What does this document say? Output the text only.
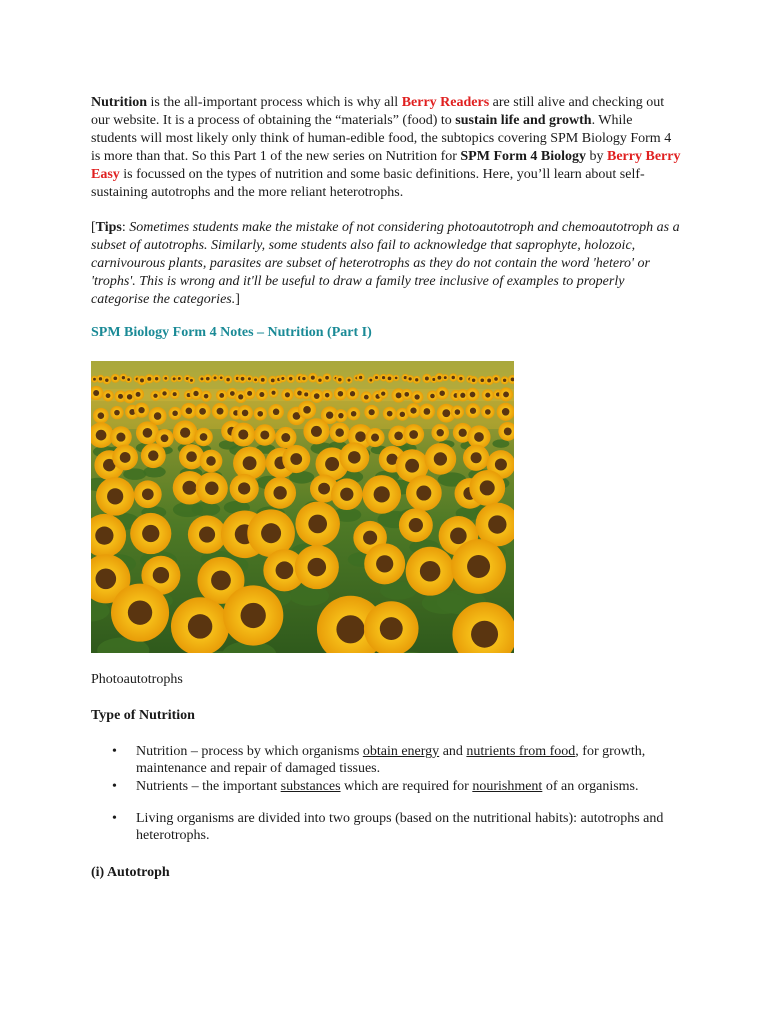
Nutrition is the all-important process which is why all Berry Readers are still alive and checking out our website. It is a process of obtaining the “materials” (food) to sustain life and growth. While students will most likely only think of human-edible food, the subtopics covering SPM Biology Form 4 is more than that. So this Part 1 of the new series on Nutrition for SPM Form 4 Biology by Berry Berry Easy is focussed on the types of nutrition and some basic definitions. Here, you’ll learn about self-sustaining autotrophs and the more reliant heterotrophs.

[Tips: Sometimes students make the mistake of not considering photoautotroph and chemoautotroph as a subset of autotrophs. Similarly, some students also fail to acknowledge that saprophyte, holozoic, carnivourous plants, parasites are subset of heterotrophs as they do not contain the word 'hetero' or 'trophs'. This is wrong and it'll be useful to draw a family tree inclusive of examples to properly categorise the categories.]

SPM Biology Form 4 Notes – Nutrition (Part I)
Photoautotrophs
Type of Nutrition
• Nutrition – process by which organisms obtain energy and nutrients from food, for growth, maintenance and repair of damaged tissues.
• Nutrients – the important substances which are required for nourishment of an organisms.
• Living organisms are divided into two groups (based on the nutritional habits): autotrophs and heterotrophs.
(i) Autotroph
